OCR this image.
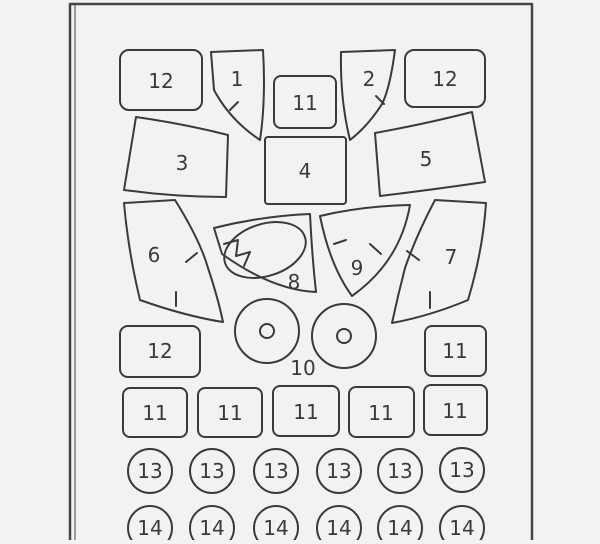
12	1
11
2	12
3	4	5
6
8
9	7
12
10
11
11 11	11 11 11
13 13 13 13 13 13
14 14 14 14 14 14
